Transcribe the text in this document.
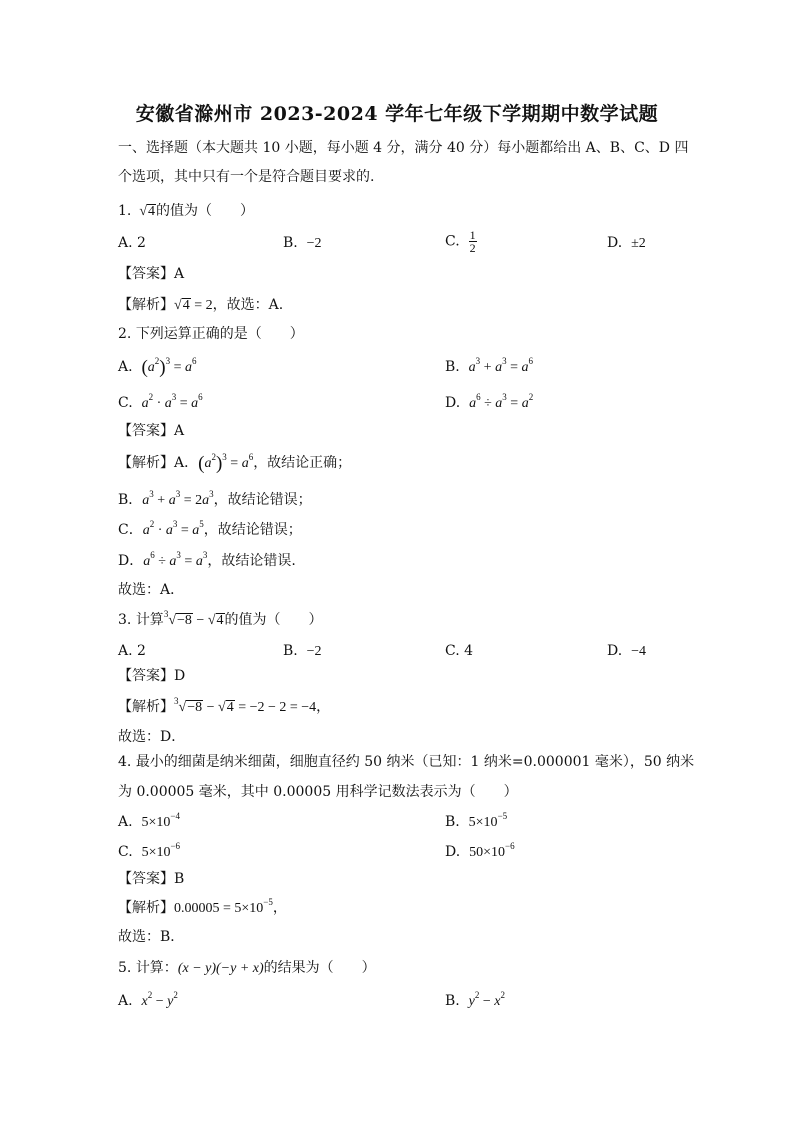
安徽省滁州市 2023-2024 学年七年级下学期期中数学试题
一、选择题（本大题共 10 小题，每小题 4 分，满分 40 分）每小题都给出 A、B、C、D 四
个选项，其中只有一个是符合题目要求的.
1.  √4的值为（　　）
A. 2	B. −2	C. $\frac{1}{2}$	D. ±2
【答案】A
【解析】√4 = 2，故选：A.
2. 下列运算正确的是（　　）
A. $(a^2)^3 = a^6$	B. $a^3 + a^3 = a^6$
C. $a^2 \cdot a^3 = a^6$	D. $a^6 \div a^3 = a^2$
【答案】A
【解析】A．$(a^2)^3 = a^6$，故结论正确；
B．$a^3 + a^3 = 2a^3$，故结论错误；
C．$a^2 \cdot a^3 = a^5$，故结论错误；
D．$a^6 \div a^3 = a^3$，故结论错误.
故选：A．
3. 计算$^3$√−8 − √4的值为（　　）
A. 2	B. −2	C. 4	D. −4
【答案】D
【解析】$^3$√−8 − √4 = −2 − 2 = −4，
故选：D．
4. 最小的细菌是纳米细菌，细胞直径约 50 纳米（已知：1 纳米=0.000001 毫米），50 纳米
为 0.00005 毫米，其中 0.00005 用科学记数法表示为（　　）
A. $5\times 10^{-4}$	B. $5\times 10^{-5}$
C. $5\times 10^{-6}$	D. $50\times 10^{-6}$
【答案】B
【解析】$0.00005 = 5\times 10^{-5}$，
故选：B．
5. 计算：(x − y)(−y + x)的结果为（　　）
A. $x^2 - y^2$	B. $y^2 - x^2$
